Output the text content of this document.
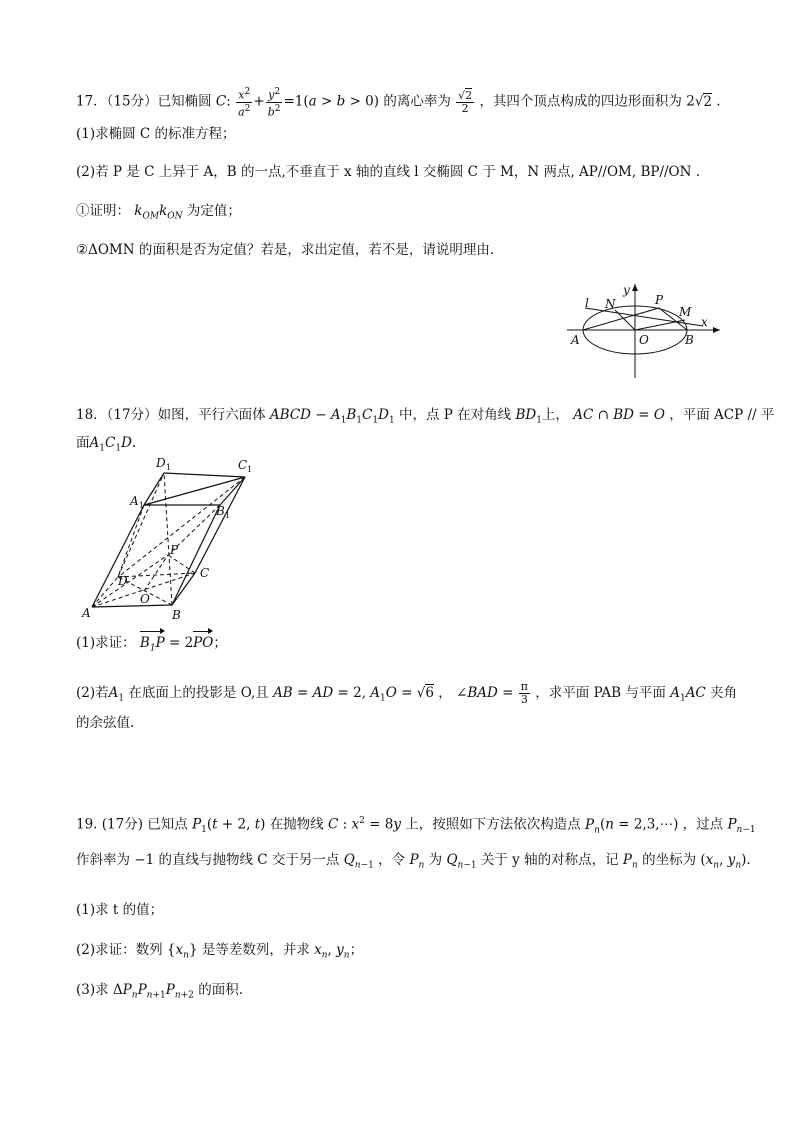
17．（15分）已知椭圆 C: $\frac{x^2}{a^2} + \frac{y^2}{b^2} =1(a > b > 0)$ 的离心率为 $\frac{√2}{2}$ ，其四个顶点构成的四边形面积为 2√2 .
(1)求椭圆 C 的标准方程；
(2)若 P 是 C 上异于 A，B 的一点,不垂直于 x 轴的直线 l 交椭圆 C 于 M，N 两点, AP//OM, BP//ON .
①证明： $k_{OM}k_{ON}$ 为定值；
②ΔOMN 的面积是否为定值？若是，求出定值，若不是，请说明理由.
l N
y
P
M
x
A	O	B
18．（17分）如图，平行六面体 ABCD − $A_1B_1C_1D_1$ 中，点 P 在对角线 $BD_1$上， AC ∩ BD = O ，平面 ACP // 平
面$A_1C_1D$.
D 1	C 1
A 1	B 1
P
D
C
O
A	B
(1)求证： $B_1P = 2PO$；
(2)若$A_1$ 在底面上的投影是 O,且 AB = AD = 2, $A_1O = √6$ ， ∠BAD = $\frac{\pi}{3}$ ，求平面 PAB 与平面 $A_1AC$ 夹角
的余弦值.
19. (17分) 已知点 $P_1(t + 2$, t) 在抛物线 C : $x^2 = 8y$ 上，按照如下方法依次构造点 $P_n(n$ = 2,3,⋯) ，过点 $P_{n-1}$
作斜率为 −1 的直线与抛物线 C 交于另一点 $Q_{n-1}$ ，令 $P_n$ 为 $Q_{n-1}$ 关于 y 轴的对称点，记 $P_n$ 的坐标为 ($x_n$, $y_n$).
(1)求 t 的值；
(2)求证：数列 $\{x_n\}$ 是等差数列，并求 $x_n$, $y_n$；
(3)求 $\Delta P_nP_{n+1}P_{n+2}$ 的面积.
